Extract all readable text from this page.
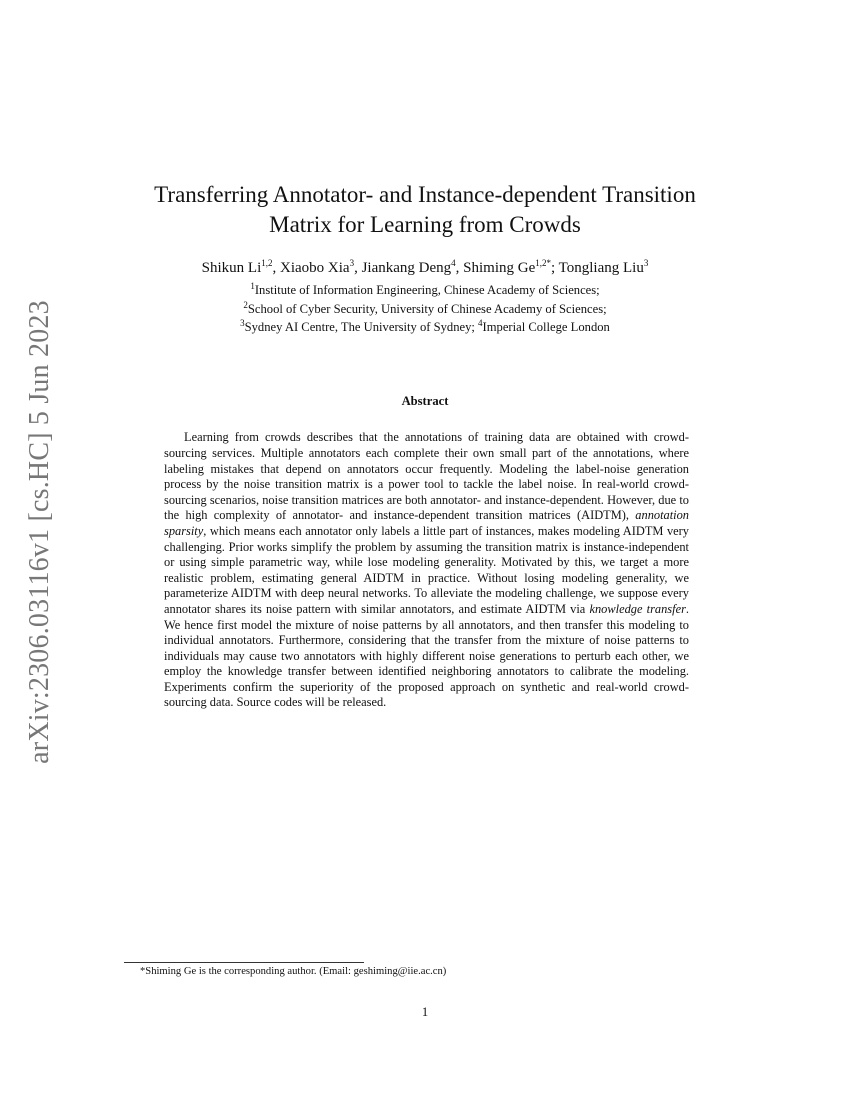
arXiv:2306.03116v1 [cs.HC] 5 Jun 2023
Transferring Annotator- and Instance-dependent Transition
Matrix for Learning from Crowds
Shikun Li$^{1,2}$, Xiaobo Xia$^3$, Jiankang Deng$^4$, Shiming $Ge^{1,2*}$; Tongliang Liu$^3$
$^1$Institute of Information Engineering, Chinese Academy of Sciences;
$^2$School of Cyber Security, University of Chinese Academy of Sciences;
$^3$Sydney AI Centre, The University of Sydney; $^4$Imperial College London
Abstract

Learning from crowds describes that the annotations of training data are obtained with crowd-sourcing services. Multiple annotators each complete their own small part of the annotations, where labeling mistakes that depend on annotators occur frequently. Modeling the label-noise generation process by the noise transition matrix is a power tool to tackle the label noise. In real-world crowd-sourcing scenarios, noise transition matrices are both annotator- and instance-dependent. However, due to the high complexity of annotator- and instance-dependent transition matrices (AIDTM), annotation sparsity, which means each annotator only labels a little part of instances, makes modeling AIDTM very challenging. Prior works simplify the problem by assuming the transition matrix is instance-independent or using simple parametric way, while lose modeling generality. Motivated by this, we target a more realistic problem, estimating general AIDTM in practice. Without losing modeling generality, we parameterize AIDTM with deep neural networks. To alleviate the modeling challenge, we suppose every annotator shares its noise pattern with similar annotators, and estimate AIDTM via knowledge transfer. We hence first model the mixture of noise patterns by all annotators, and then transfer this modeling to individual annotators. Furthermore, considering that the transfer from the mixture of noise patterns to individuals may cause two annotators with highly different noise generations to perturb each other, we employ the knowledge transfer between identified neighboring annotators to calibrate the modeling. Experiments confirm the superiority of the proposed approach on synthetic and real-world crowd-sourcing data. Source codes will be released.

*Shiming Ge is the corresponding author. (Email: geshiming@iie.ac.cn)
1
